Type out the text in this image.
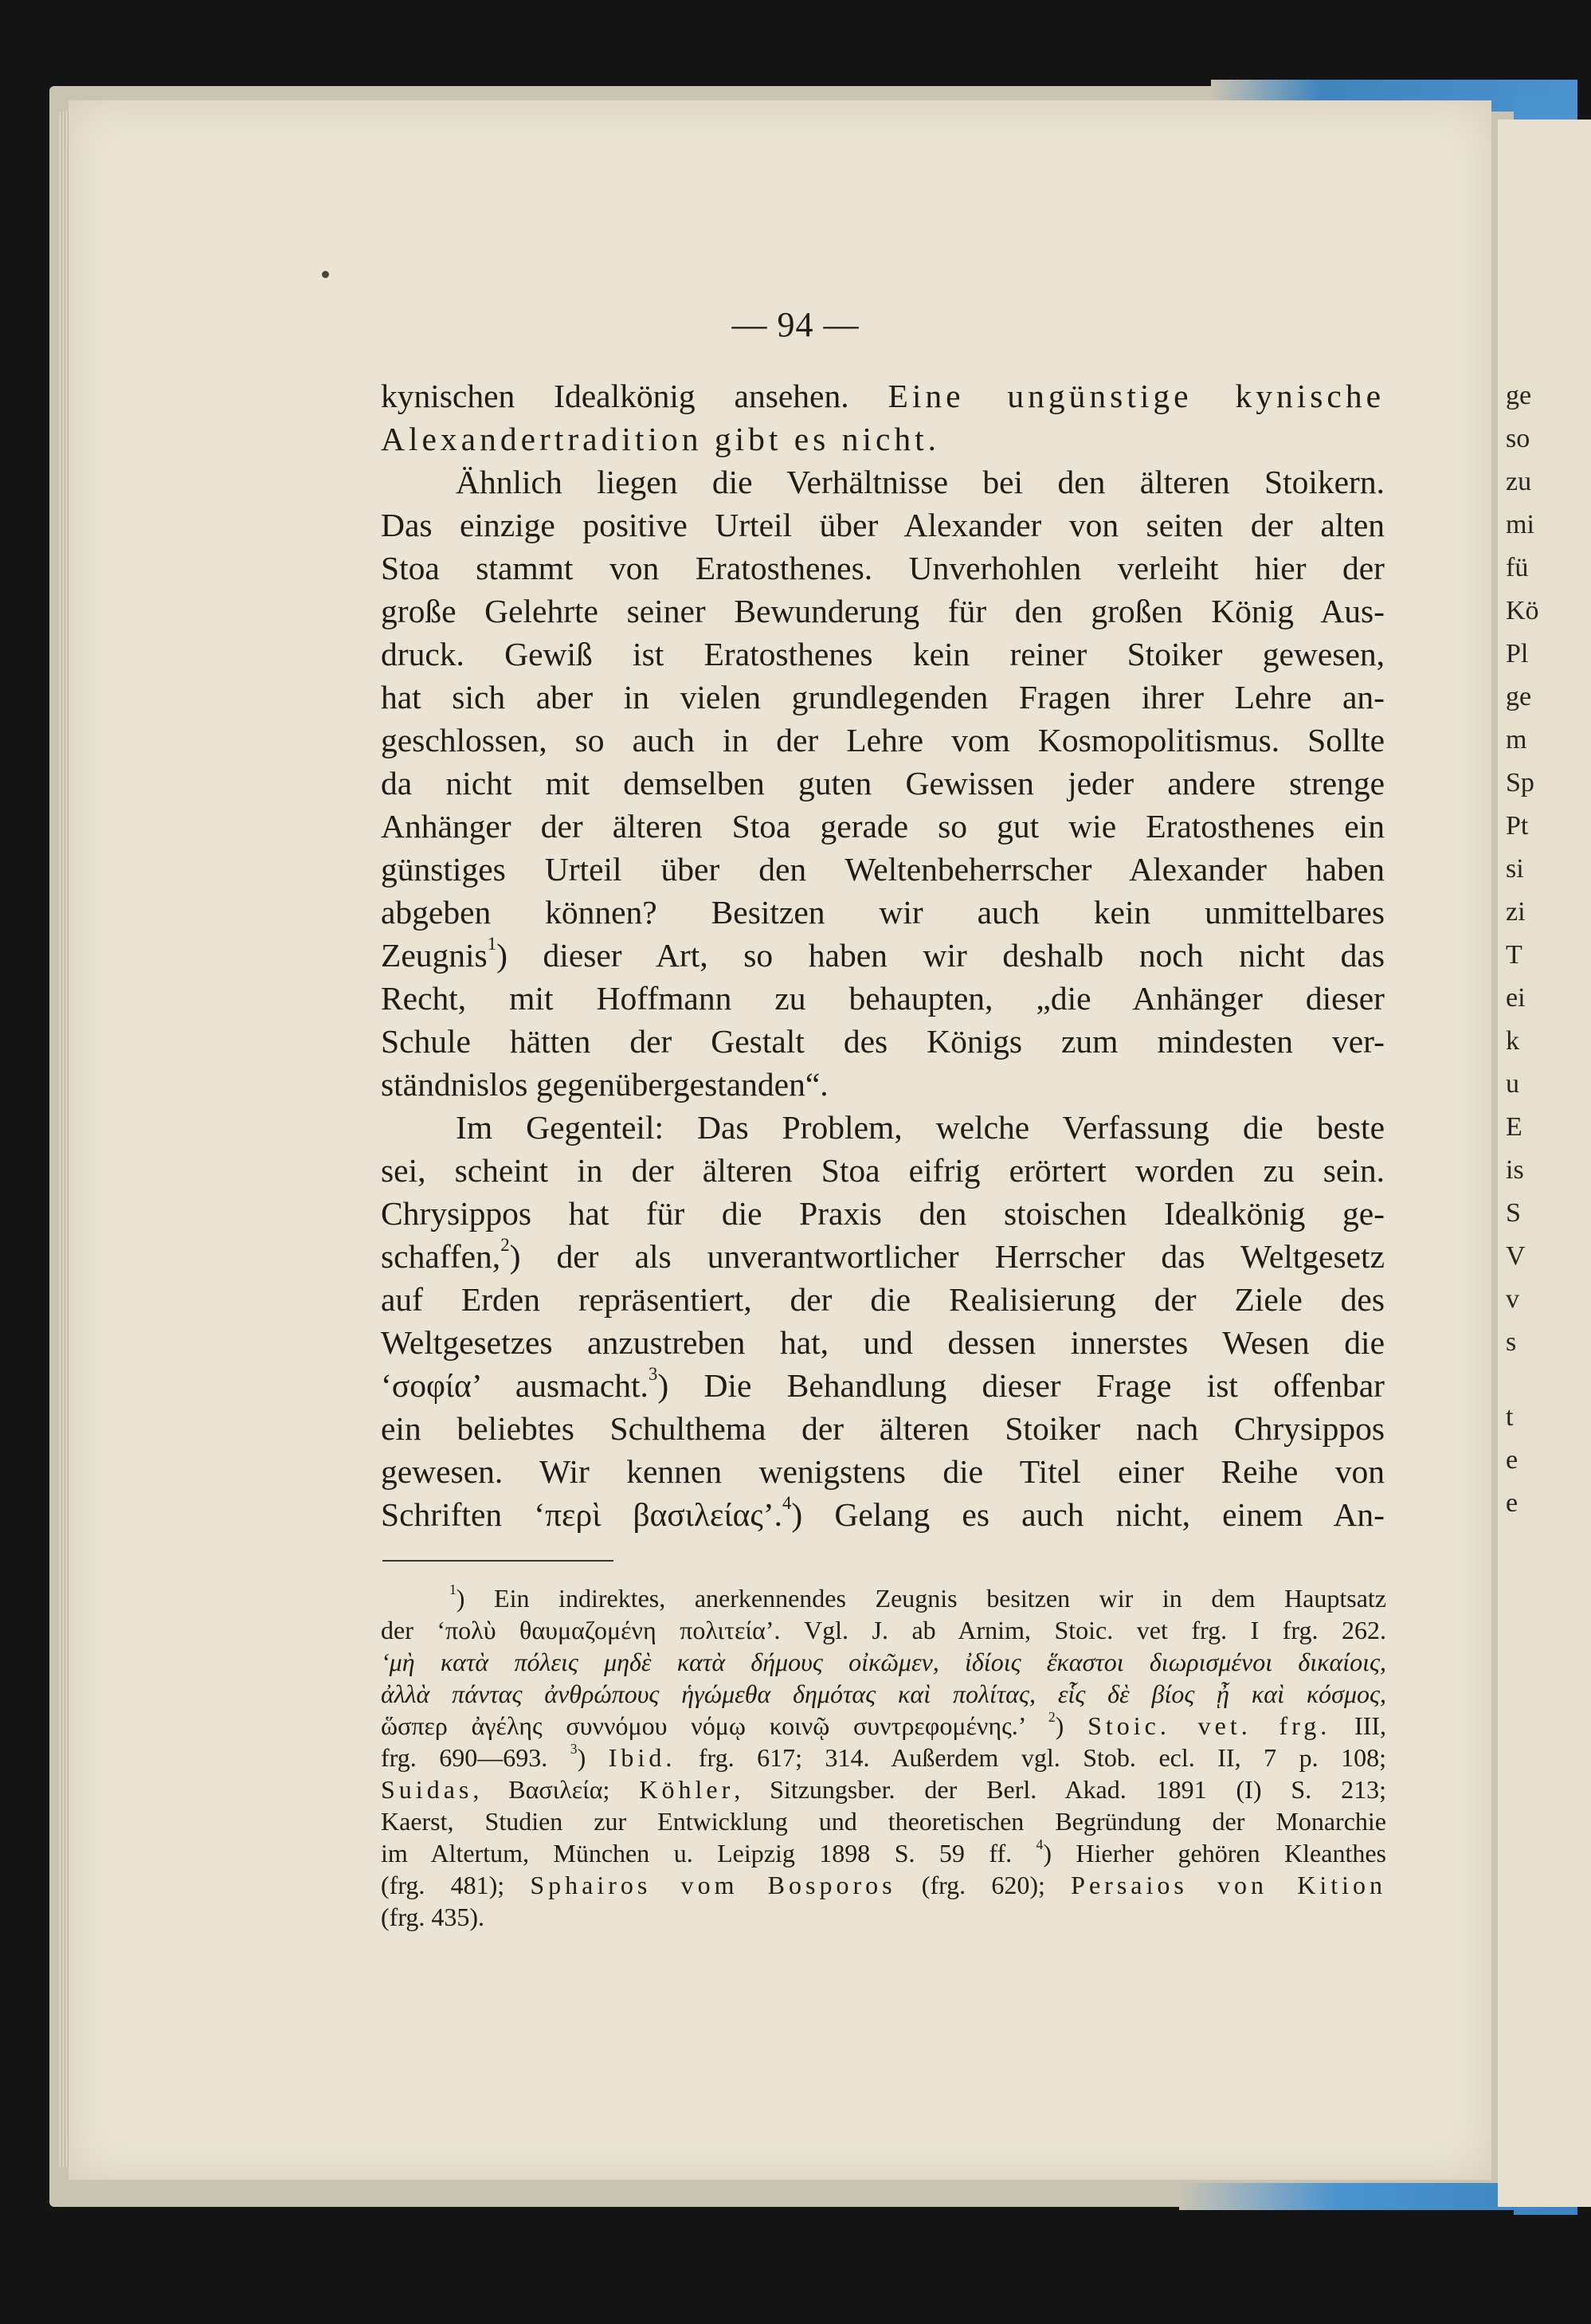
ge
so
zu
mi
fü
Kö
Pl
ge
m
Sp
Pt
si
zi
T
ei
k
u
E
is
S
V
v
s
t
e
e
— 94 —
kynischen Idealkönig ansehen. Eine ungünstige kynische
Alexandertradition gibt es nicht.
Ähnlich liegen die Verhältnisse bei den älteren Stoikern.
Das einzige positive Urteil über Alexander von seiten der alten
Stoa stammt von Eratosthenes. Unverhohlen verleiht hier der
große Gelehrte seiner Bewunderung für den großen König Aus-
druck. Gewiß ist Eratosthenes kein reiner Stoiker gewesen,
hat sich aber in vielen grundlegenden Fragen ihrer Lehre an-
geschlossen, so auch in der Lehre vom Kosmopolitismus. Sollte
da nicht mit demselben guten Gewissen jeder andere strenge
Anhänger der älteren Stoa gerade so gut wie Eratosthenes ein
günstiges Urteil über den Weltenbeherrscher Alexander haben
abgeben können? Besitzen wir auch kein unmittelbares
Zeugnis$^1$) dieser Art, so haben wir deshalb noch nicht das
Recht, mit Hoffmann zu behaupten, „die Anhänger dieser
Schule hätten der Gestalt des Königs zum mindesten ver-
ständnislos gegenübergestanden“.
Im Gegenteil: Das Problem, welche Verfassung die beste
sei, scheint in der älteren Stoa eifrig erörtert worden zu sein.
Chrysippos hat für die Praxis den stoischen Idealkönig ge-
schaffen,$^2$) der als unverantwortlicher Herrscher das Weltgesetz
auf Erden repräsentiert, der die Realisierung der Ziele des
Weltgesetzes anzustreben hat, und dessen innerstes Wesen die
‘σοφία’ ausmacht.$^3$) Die Behandlung dieser Frage ist offenbar
ein beliebtes Schulthema der älteren Stoiker nach Chrysippos
gewesen. Wir kennen wenigstens die Titel einer Reihe von
Schriften ‘περὶ βασιλείας’.$^4$) Gelang es auch nicht, einem An-
$^1$) Ein indirektes, anerkennendes Zeugnis besitzen wir in dem Hauptsatz
der ‘πολὺ θαυμαζομένη πολιτεία’. Vgl. J. ab Arnim, Stoic. vet frg. I frg. 262.
‘μὴ κατὰ πόλεις μηδὲ κατὰ δήμους οἰκῶμεν, ἰδίοις ἕκαστοι διωρισμένοι δικαίοις,
ἀλλὰ πάντας ἀνθρώπους ἡγώμεθα δημότας καὶ πολίτας, εἷς δὲ βίος ᾖ καὶ κόσμος,
ὥσπερ ἀγέλης συννόμου νόμῳ κοινῷ συντρεφομένης.’ $^2$) Stoic. vet. frg. III,
frg. 690—693. $^3$) Ibid. frg. 617; 314. Außerdem vgl. Stob. ecl. II, 7 p. 108;
Suidas, Βασιλεία; Köhler, Sitzungsber. der Berl. Akad. 1891 (I) S. 213;
Kaerst, Studien zur Entwicklung und theoretischen Begründung der Monarchie
im Altertum, München u. Leipzig 1898 S. 59 ff. $^4$) Hierher gehören Kleanthes
(frg. 481); Sphairos vom Bosporos (frg. 620); Persaios von Kition
(frg. 435).
